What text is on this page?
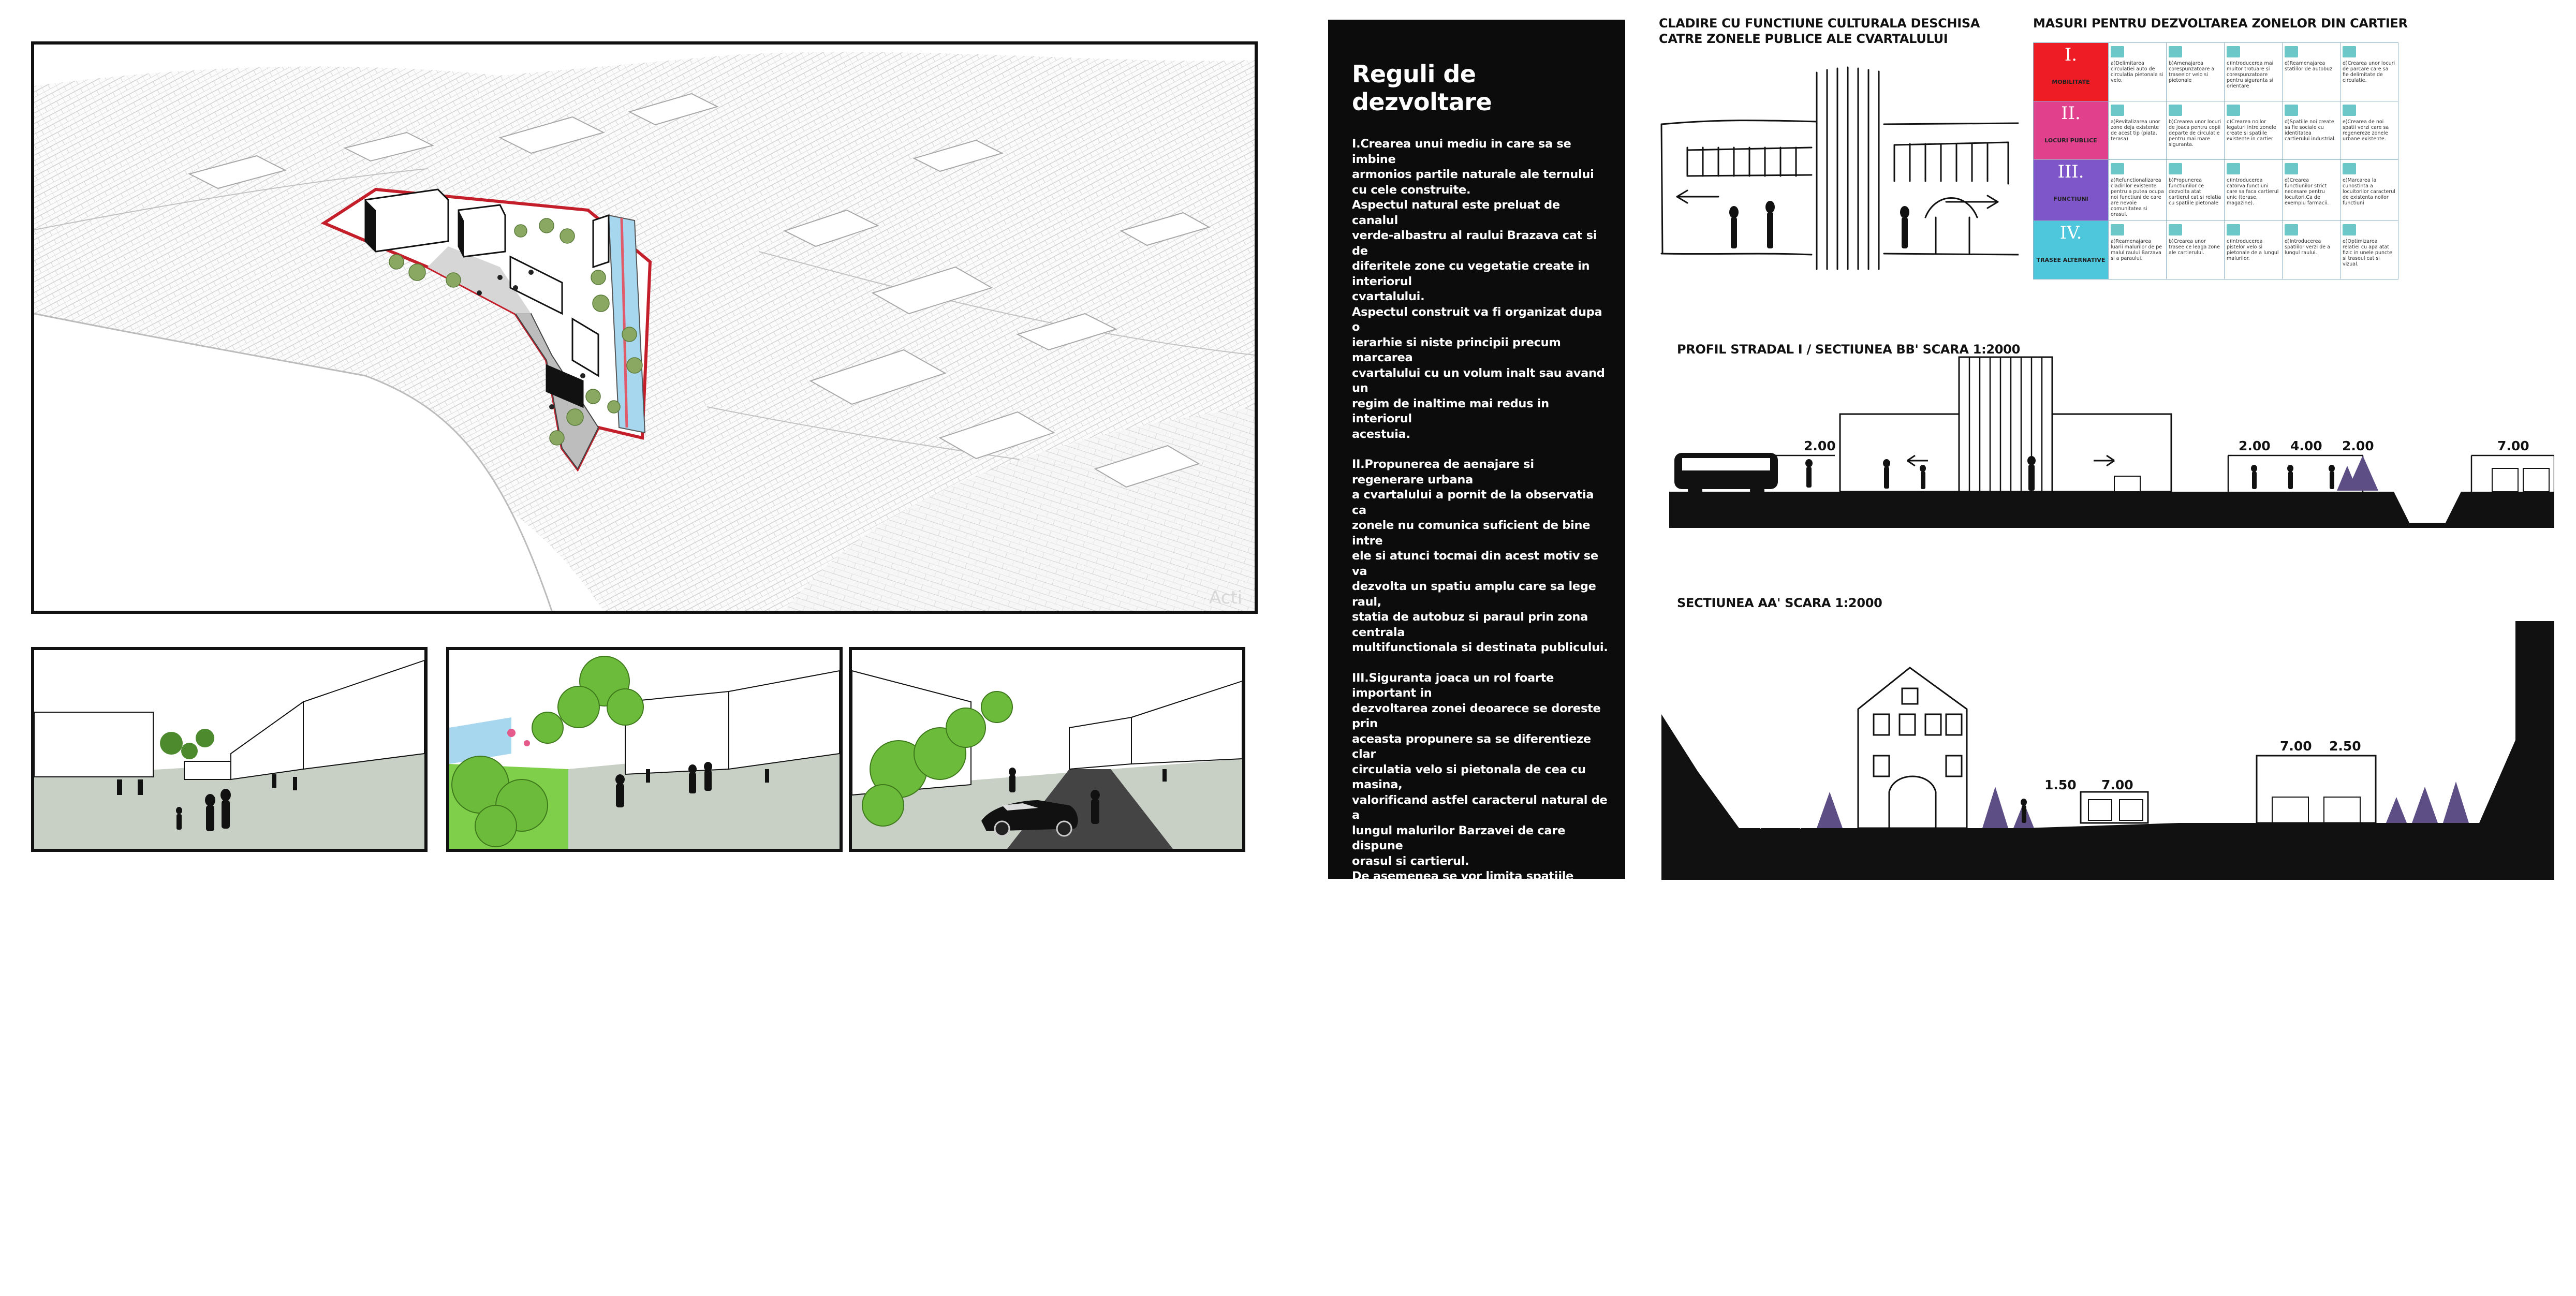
Acti
Reguli de dezvoltare

I.Crearea unui mediu in care sa se imbine
armonios partile naturale ale ternului
cu cele construite.
Aspectul natural este preluat de canalul
verde-albastru al raului Brazava cat si de
diferitele zone cu vegetatie create in interiorul
cvartalului.
Aspectul construit va fi organizat dupa o
ierarhie si niste principii precum marcarea
cvartalului cu un volum inalt sau avand un
regim de inaltime mai redus in interiorul
acestuia.

II.Propunerea de aenajare si regenerare urbana
a cvartalului a pornit de la observatia ca
zonele nu comunica suficient de bine intre
ele si atunci tocmai din acest motiv se va
dezvolta un spatiu amplu care sa lege raul,
statia de autobuz si paraul prin zona centrala
multifunctionala si destinata publicului.

III.Siguranta joaca un rol foarte important in
dezvoltarea zonei deoarece se doreste prin
aceasta propunere sa se diferentieze clar
circulatia velo si pietonala de cea cu masina,
valorificand astfel caracterul natural de a
lungul malurilor Barzavei de care dispune
orasul si cartierul.
De asemenea se vor limita spatiile strampte
si intunecate,ori prin anularea acestora cu
vegetatie ori prin largirea lor.

IV.La noile zone dezvoltate se va avea in
vedere caracterul cartierului si anume cel
industrial,acesta va fi reutilizat cu diferite
functiuni de care are nevoie atat orasul cat
si cartierul si se va propune ca,cladirile vechi
industriale sa fie inserate in tesutul urban
cat si la nivel de comunitate si viata sociala.

V.In noile zone construite va exista o trecere
fina de la zonele publice catre cele private
atat in ceea ce priveste instistutiile cate si
spatiile exterioare.

CLADIRE CU FUNCTIUNE CULTURALA DESCHISA
CATRE ZONELE PUBLICE ALE CVARTALULUI
MASURI PENTRU DEZVOLTAREA ZONELOR DIN CARTIER
I.
MOBILITATE	a)Delimitarea circulatiei auto de circulatia pietonala si velo.	b)Amenajarea corespunzatoare a traseelor velo si pietonale	c)Introducerea mai multor trotuare si corespunzatoare pentru siguranta si orientare	d)Reamenajarea statiilor de autobuz	d)Crearea unor locuri de parcare care sa fie delimitate de circulatie.

II.
LOCURI PUBLICE	a)Revitalizarea unor zone deja existente de acest tip (piata, terasa)	b)Crearea unor locuri de joaca pentru copii departe de circulatie pentru mai mare siguranta.	c)Crearea noilor legaturi intre zonele create si spatiile existente in cartier	d)Spatiile noi create sa fie sociale cu identitatea cartierului industrial.	e)Crearea de noi spatii verzi care sa regenereze zonele urbane existente.

III.
FUNCTIUNI	a)Refunctionalizarea cladirilor existente pentru a putea ocupa noi functiuni de care are nevoie comunitatea si orasul.	b)Propunerea functiunilor ce dezvolta atat cartierul cat si relatia cu spatiile pietonale	c)Introducerea catorva functiuni care sa faca cartierul unic (terase, magazine).	d)Crearea functiunilor strict necesare pentru locuitori.Ca de exemplu farmacii.	e)Marcarea la cunostinta a locuitorilor caracterul de existenta noilor functiuni

IV.
TRASEE ALTERNATIVE	a)Reamenajarea luarii malurilor de pe malul raului Barzava si a paraului.	b)Crearea unor trasee ce leaga zone ale cartierului.	c)Introducerea pistelor velo si pietonale de a lungul malurilor.	d)Introducerea spatiilor verzi de a lungul raului.	e)Optimizarea relatiei cu apa atat fizic in unele puncte si traseul cat si vizual.
PROFIL STRADAL I / SECTIUNEA BB' SCARA 1:2000
2.00	2.00 4.00 2.00	7.00
SECTIUNEA AA' SCARA 1:2000
1.50 7.00
7.00 2.50
